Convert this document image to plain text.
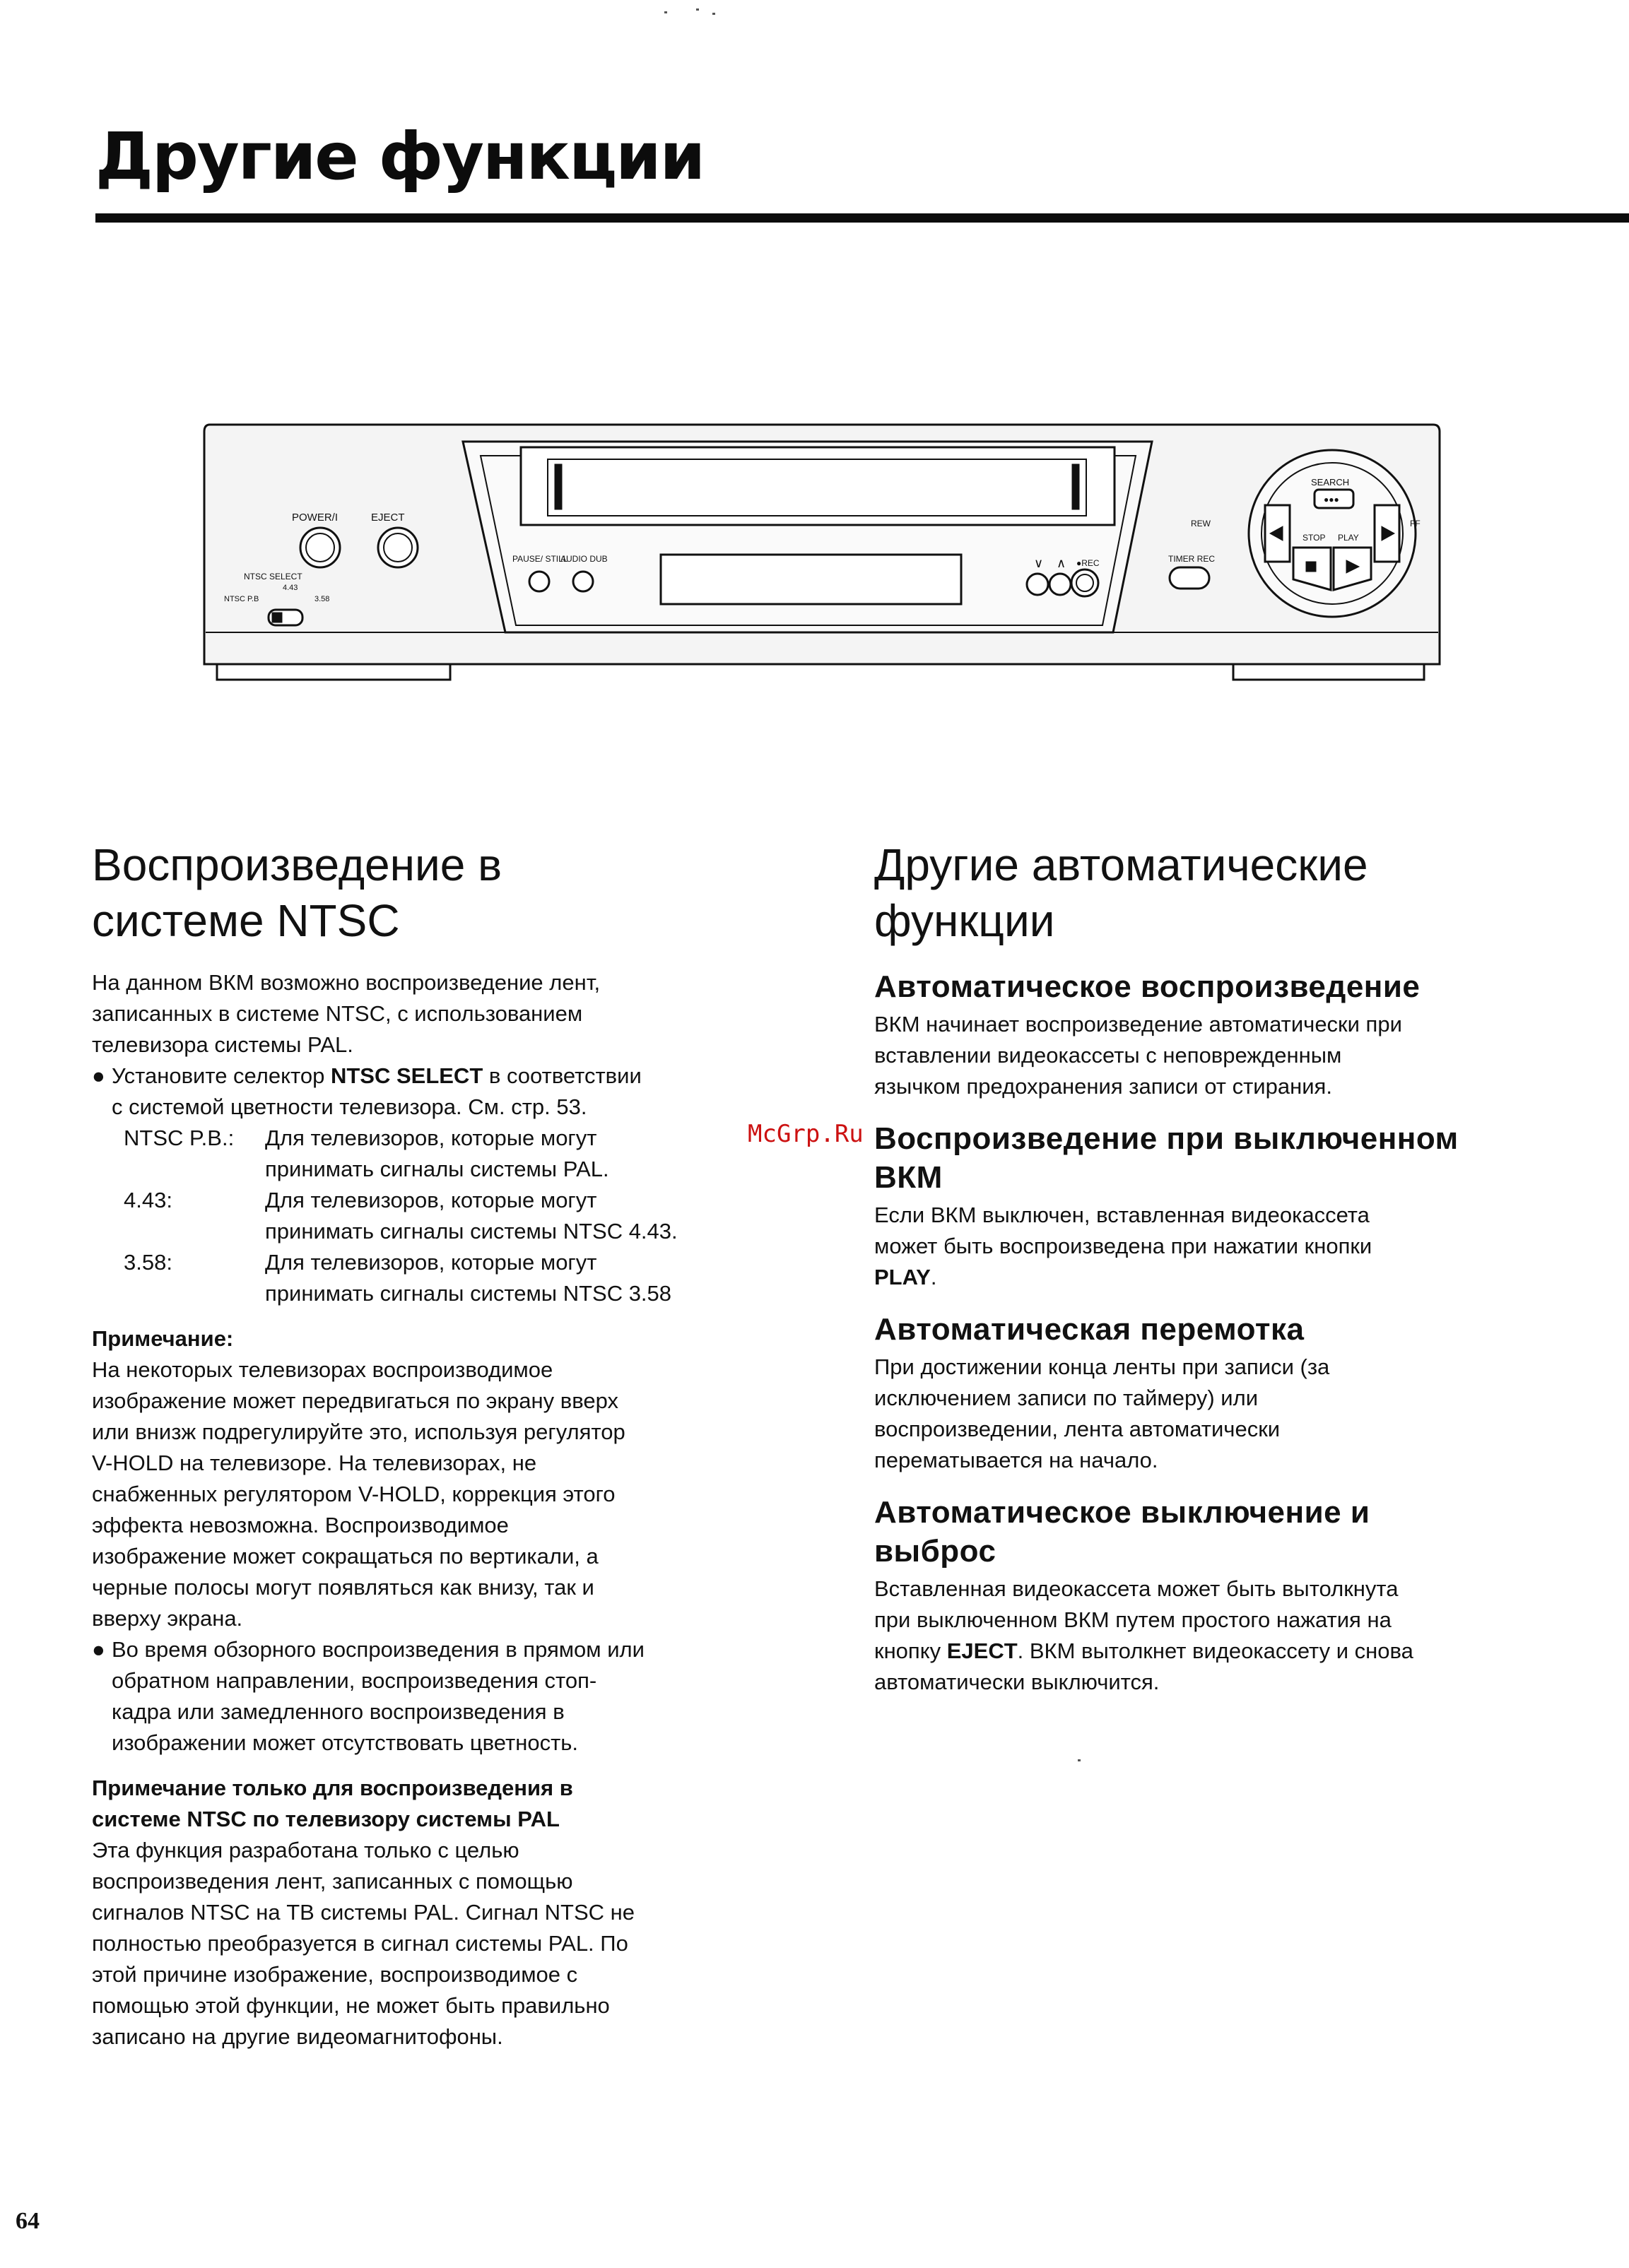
Другие функции
POWER/I	EJECT
NTSC SELECT
4.43
NTSC P.B	3.58
PAUSE/ STILL
AUDIO DUB	∨ ∧ ●REC	TIMER REC
SEARCH
●●●
REW	FF
STOP PLAY
Воспроизведение в
системе NTSC

На данном ВКМ возможно воспроизведение лент,
записанных в системе NTSC, с использованием
телевизора системы PAL.

● Установите селектор NTSC SELECT в соответствии
с системой цветности телевизора. См. стр. 53.

NTSC P.B.:	Для телевизоров, которые могут
принимать сигналы системы PAL.
4.43:	Для телевизоров, которые могут
принимать сигналы системы NTSC 4.43.
3.58:	Для телевизоров, которые могут
принимать сигналы системы NTSC 3.58
Примечание:

На некоторых телевизорах воспроизводимое
изображение может передвигаться по экрану вверх
или внизж подрегулируйте это, используя регулятор
V-HOLD на телевизоре. На телевизорах, не
снабженных регулятором V-HOLD, коррекция этого
эффекта невозможна. Воспроизводимое
изображение может сокращаться по вертикали, а
черные полосы могут появляться как внизу, так и
вверху экрана.

● Во время обзорного воспроизведения в прямом или
обратном направлении, воспроизведения стоп-
кадра или замедленного воспроизведения в
изображении может отсутствовать цветность.

Примечание только для воспроизведения в
системе NTSC по телевизору системы PAL

Эта функция разработана только с целью
воспроизведения лент, записанных с помощью
сигналов NTSC на ТВ системы PAL. Сигнал NTSC не
полностью преобразуется в сигнал системы PAL. По
этой причине изображение, воспроизводимое с
помощью этой функции, не может быть правильно
записано на другие видеомагнитофоны.

Другие автоматические
функции
Автоматическое воспроизведение

ВКМ начинает воспроизведение автоматически при
вставлении видеокассеты с неповрежденным
язычком предохранения записи от стирания.

Воспроизведение при выключенном
ВКМ

Если ВКМ выключен, вставленная видеокассета
может быть воспроизведена при нажатии кнопки
PLAY.

Автоматическая перемотка

При достижении конца ленты при записи (за
исключением записи по таймеру) или
воспроизведении, лента автоматически
перематывается на начало.

Автоматическое выключение и
выброс

Вставленная видеокассета может быть вытолкнута
при выключенном ВКМ путем простого нажатия на
кнопку EJECT. ВКМ вытолкнет видеокассету и снова
автоматически выключится.

McGrp.Ru
64
